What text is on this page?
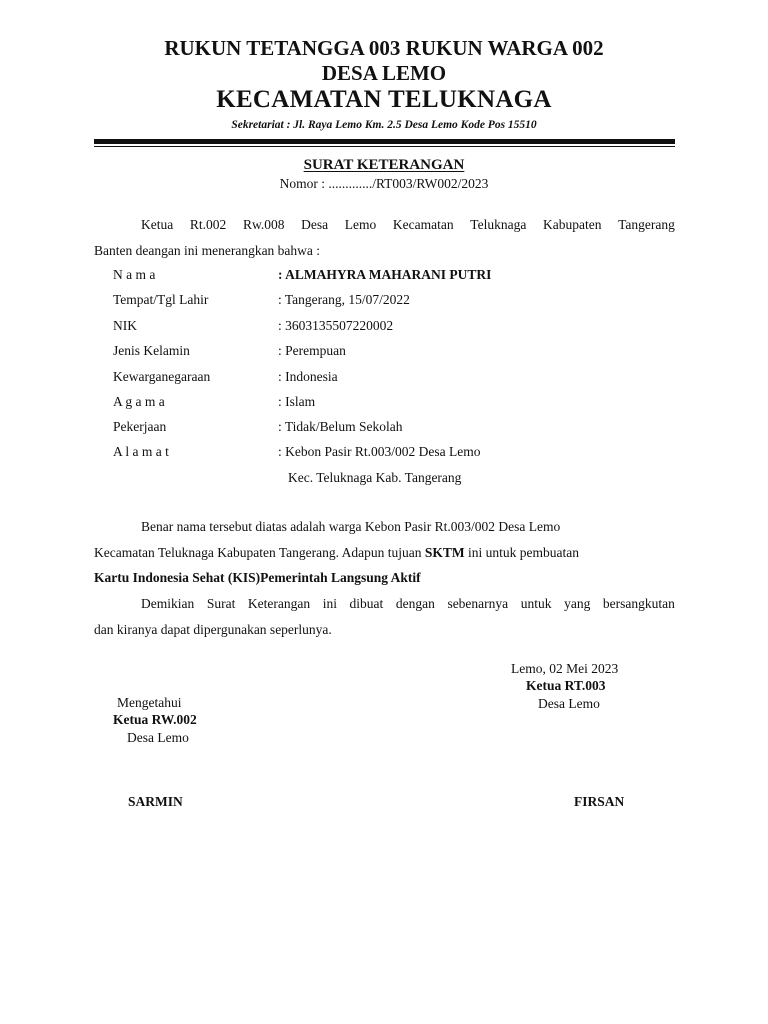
RUKUN TETANGGA 003 RUKUN WARGA 002
DESA LEMO
KECAMATAN TELUKNAGA
Sekretariat : Jl. Raya Lemo Km. 2.5 Desa Lemo Kode Pos 15510
SURAT KETERANGAN
Nomor : ............./RT003/RW002/2023
Ketua Rt.002 Rw.008 Desa Lemo Kecamatan Teluknaga Kabupaten Tangerang
Banten deangan ini menerangkan bahwa :
N a m a	: ALMAHYRA MAHARANI PUTRI
Tempat/Tgl Lahir	: Tangerang, 15/07/2022
NIK	: 3603135507220002
Jenis Kelamin	: Perempuan
Kewarganegaraan	: Indonesia
A g a m a	: Islam
Pekerjaan	: Tidak/Belum Sekolah
A l a m a t	: Kebon Pasir Rt.003/002 Desa Lemo
Kec. Teluknaga Kab. Tangerang
Benar nama tersebut diatas adalah warga Kebon Pasir Rt.003/002 Desa Lemo
Kecamatan Teluknaga Kabupaten Tangerang. Adapun tujuan SKTM ini untuk pembuatan
Kartu Indonesia Sehat (KIS)Pemerintah Langsung Aktif
Demikian Surat Keterangan ini dibuat dengan sebenarnya untuk yang bersangkutan
dan kiranya dapat dipergunakan seperlunya.
Lemo, 02 Mei 2023
Ketua RT.003
Desa Lemo
Mengetahui
Ketua RW.002
Desa Lemo
SARMIN	FIRSAN
